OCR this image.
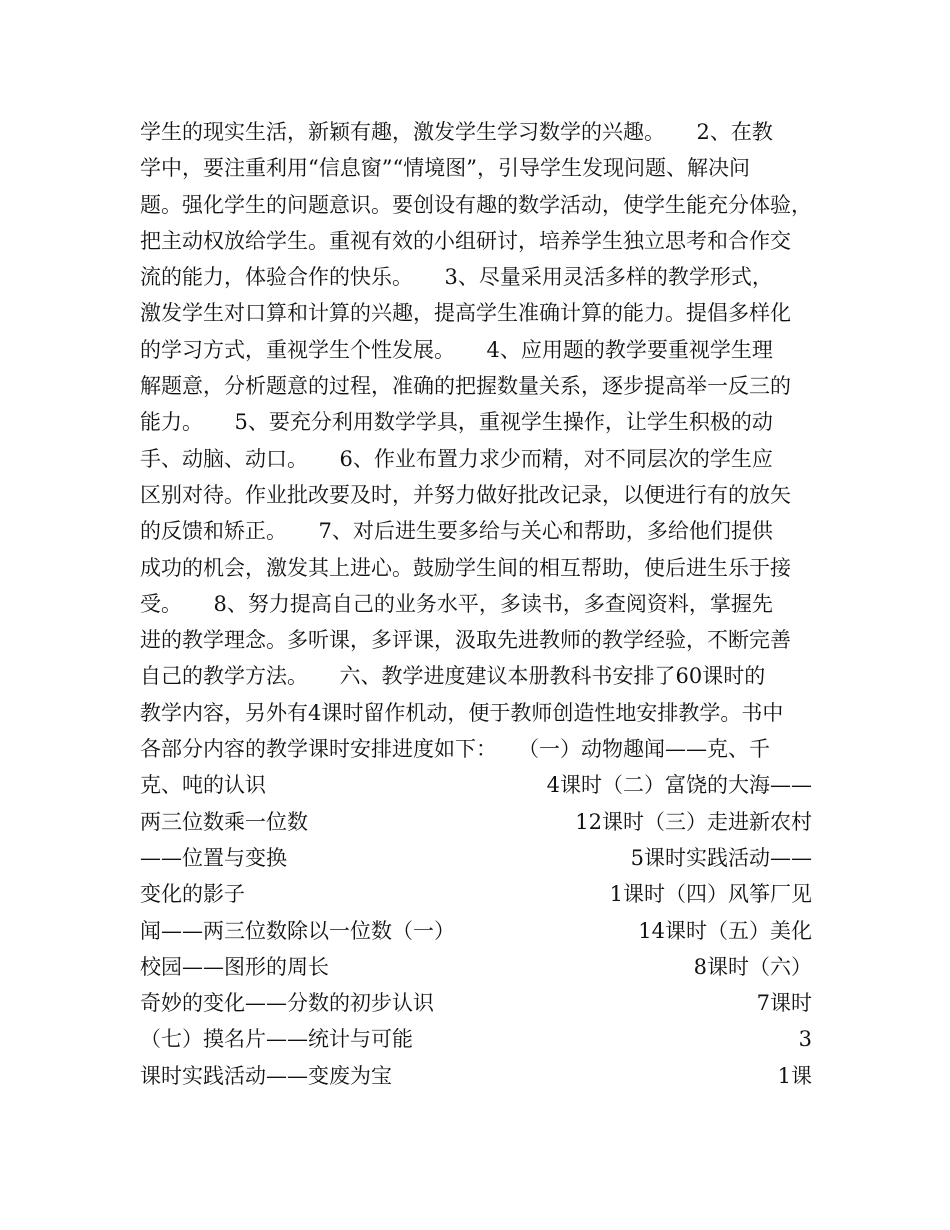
学生的现实生活，新颖有趣，激发学生学习数学的兴趣。　　2、在教
学中，要注重利用“信息窗”“情境图”，引导学生发现问题、解决问
题。强化学生的问题意识。要创设有趣的数学活动，使学生能充分体验，
把主动权放给学生。重视有效的小组研讨，培养学生独立思考和合作交
流的能力，体验合作的快乐。　　3、尽量采用灵活多样的教学形式，
激发学生对口算和计算的兴趣，提高学生准确计算的能力。提倡多样化
的学习方式，重视学生个性发展。　　4、应用题的教学要重视学生理
解题意，分析题意的过程，准确的把握数量关系，逐步提高举一反三的
能力。　　5、要充分利用数学学具，重视学生操作，让学生积极的动
手、动脑、动口。　　6、作业布置力求少而精，对不同层次的学生应
区别对待。作业批改要及时，并努力做好批改记录，以便进行有的放矢
的反馈和矫正。　　7、对后进生要多给与关心和帮助，多给他们提供
成功的机会，激发其上进心。鼓励学生间的相互帮助，使后进生乐于接
受。　　8、努力提高自己的业务水平，多读书，多查阅资料，掌握先
进的教学理念。多听课，多评课，汲取先进教师的教学经验，不断完善
自己的教学方法。　　六、教学进度建议本册教科书安排了60课时的
教学内容，另外有4课时留作机动，便于教师创造性地安排教学。书中
各部分内容的教学课时安排进度如下：　　（一）动物趣闻——克、千
克、吨的认识	4课时（二）富饶的大海——
两三位数乘一位数	12课时（三）走进新农村
——位置与变换	5课时实践活动——
变化的影子	1课时（四）风筝厂见
闻——两三位数除以一位数（一）	14课时（五）美化
校园——图形的周长	8课时（六）
奇妙的变化——分数的初步认识	7课时
（七）摸名片——统计与可能	3
课时实践活动——变废为宝	1课
